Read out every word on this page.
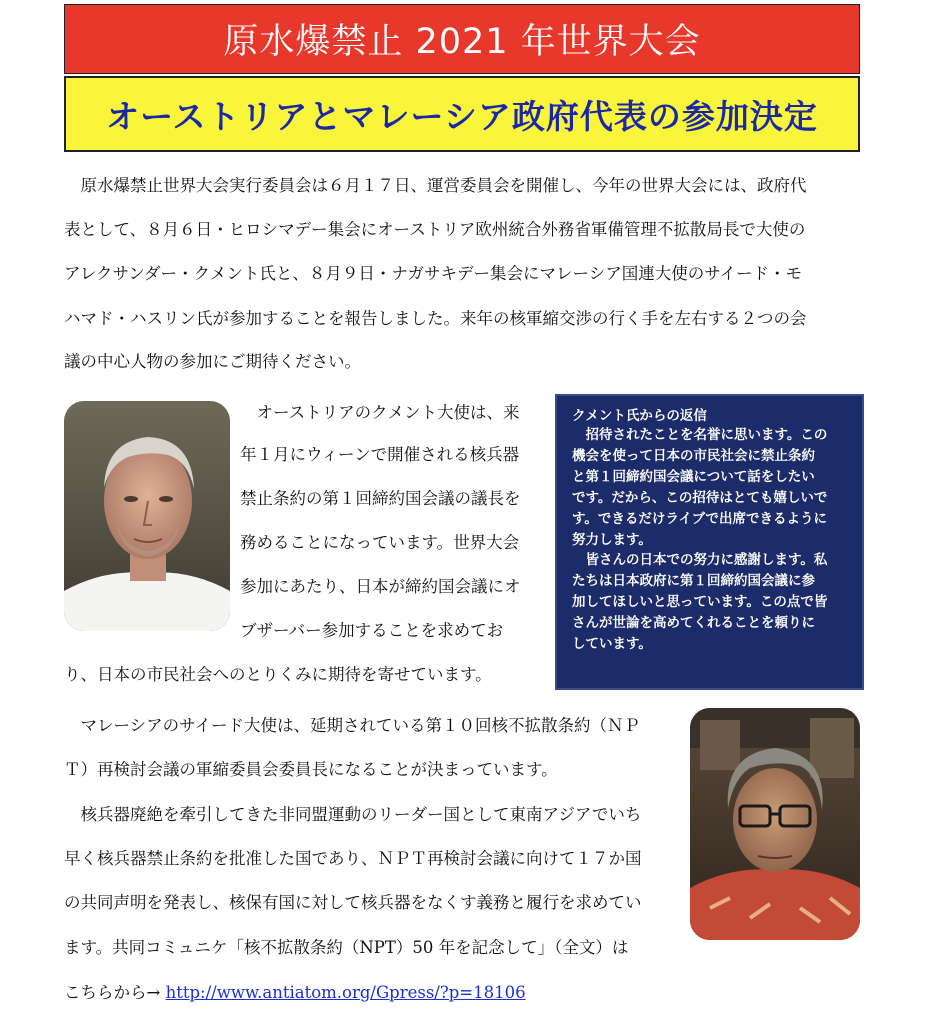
原水爆禁止 2021 年世界大会
オーストリアとマレーシア政府代表の参加決定
　原水爆禁止世界大会実行委員会は６月１７日、運営委員会を開催し、今年の世界大会には、政府代
表として、８月６日・ヒロシマデー集会にオーストリア欧州統合外務省軍備管理不拡散局長で大使の
アレクサンダー・クメント氏と、８月９日・ナガサキデー集会にマレーシア国連大使のサイード・モ
ハマド・ハスリン氏が参加することを報告しました。来年の核軍縮交渉の行く手を左右する２つの会
議の中心人物の参加にご期待ください。
　オーストリアのクメント大使は、来
年１月にウィーンで開催される核兵器
禁止条約の第１回締約国会議の議長を
務めることになっています。世界大会
参加にあたり、日本が締約国会議にオ
ブザーバー参加することを求めてお
り、日本の市民社会へのとりくみに期待を寄せています。
クメント氏からの返信
　招待されたことを名誉に思います。この
機会を使って日本の市民社会に禁止条約
と第１回締約国会議について話をしたい
です。だから、この招待はとても嬉しいで
す。できるだけライブで出席できるように
努力します。
　皆さんの日本での努力に感謝します。私
たちは日本政府に第１回締約国会議に参
加してほしいと思っています。この点で皆
さんが世論を高めてくれることを頼りに
しています。
　マレーシアのサイード大使は、延期されている第１０回核不拡散条約（ＮＰ
Ｔ）再検討会議の軍縮委員会委員長になることが決まっています。
　核兵器廃絶を牽引してきた非同盟運動のリーダー国として東南アジアでいち
早く核兵器禁止条約を批准した国であり、ＮＰＴ再検討会議に向けて１７か国
の共同声明を発表し、核保有国に対して核兵器をなくす義務と履行を求めてい
ます。共同コミュニケ「核不拡散条約（NPT）50 年を記念して」（全文）は
こちらから→ http://www.antiatom.org/Gpress/?p=18106
